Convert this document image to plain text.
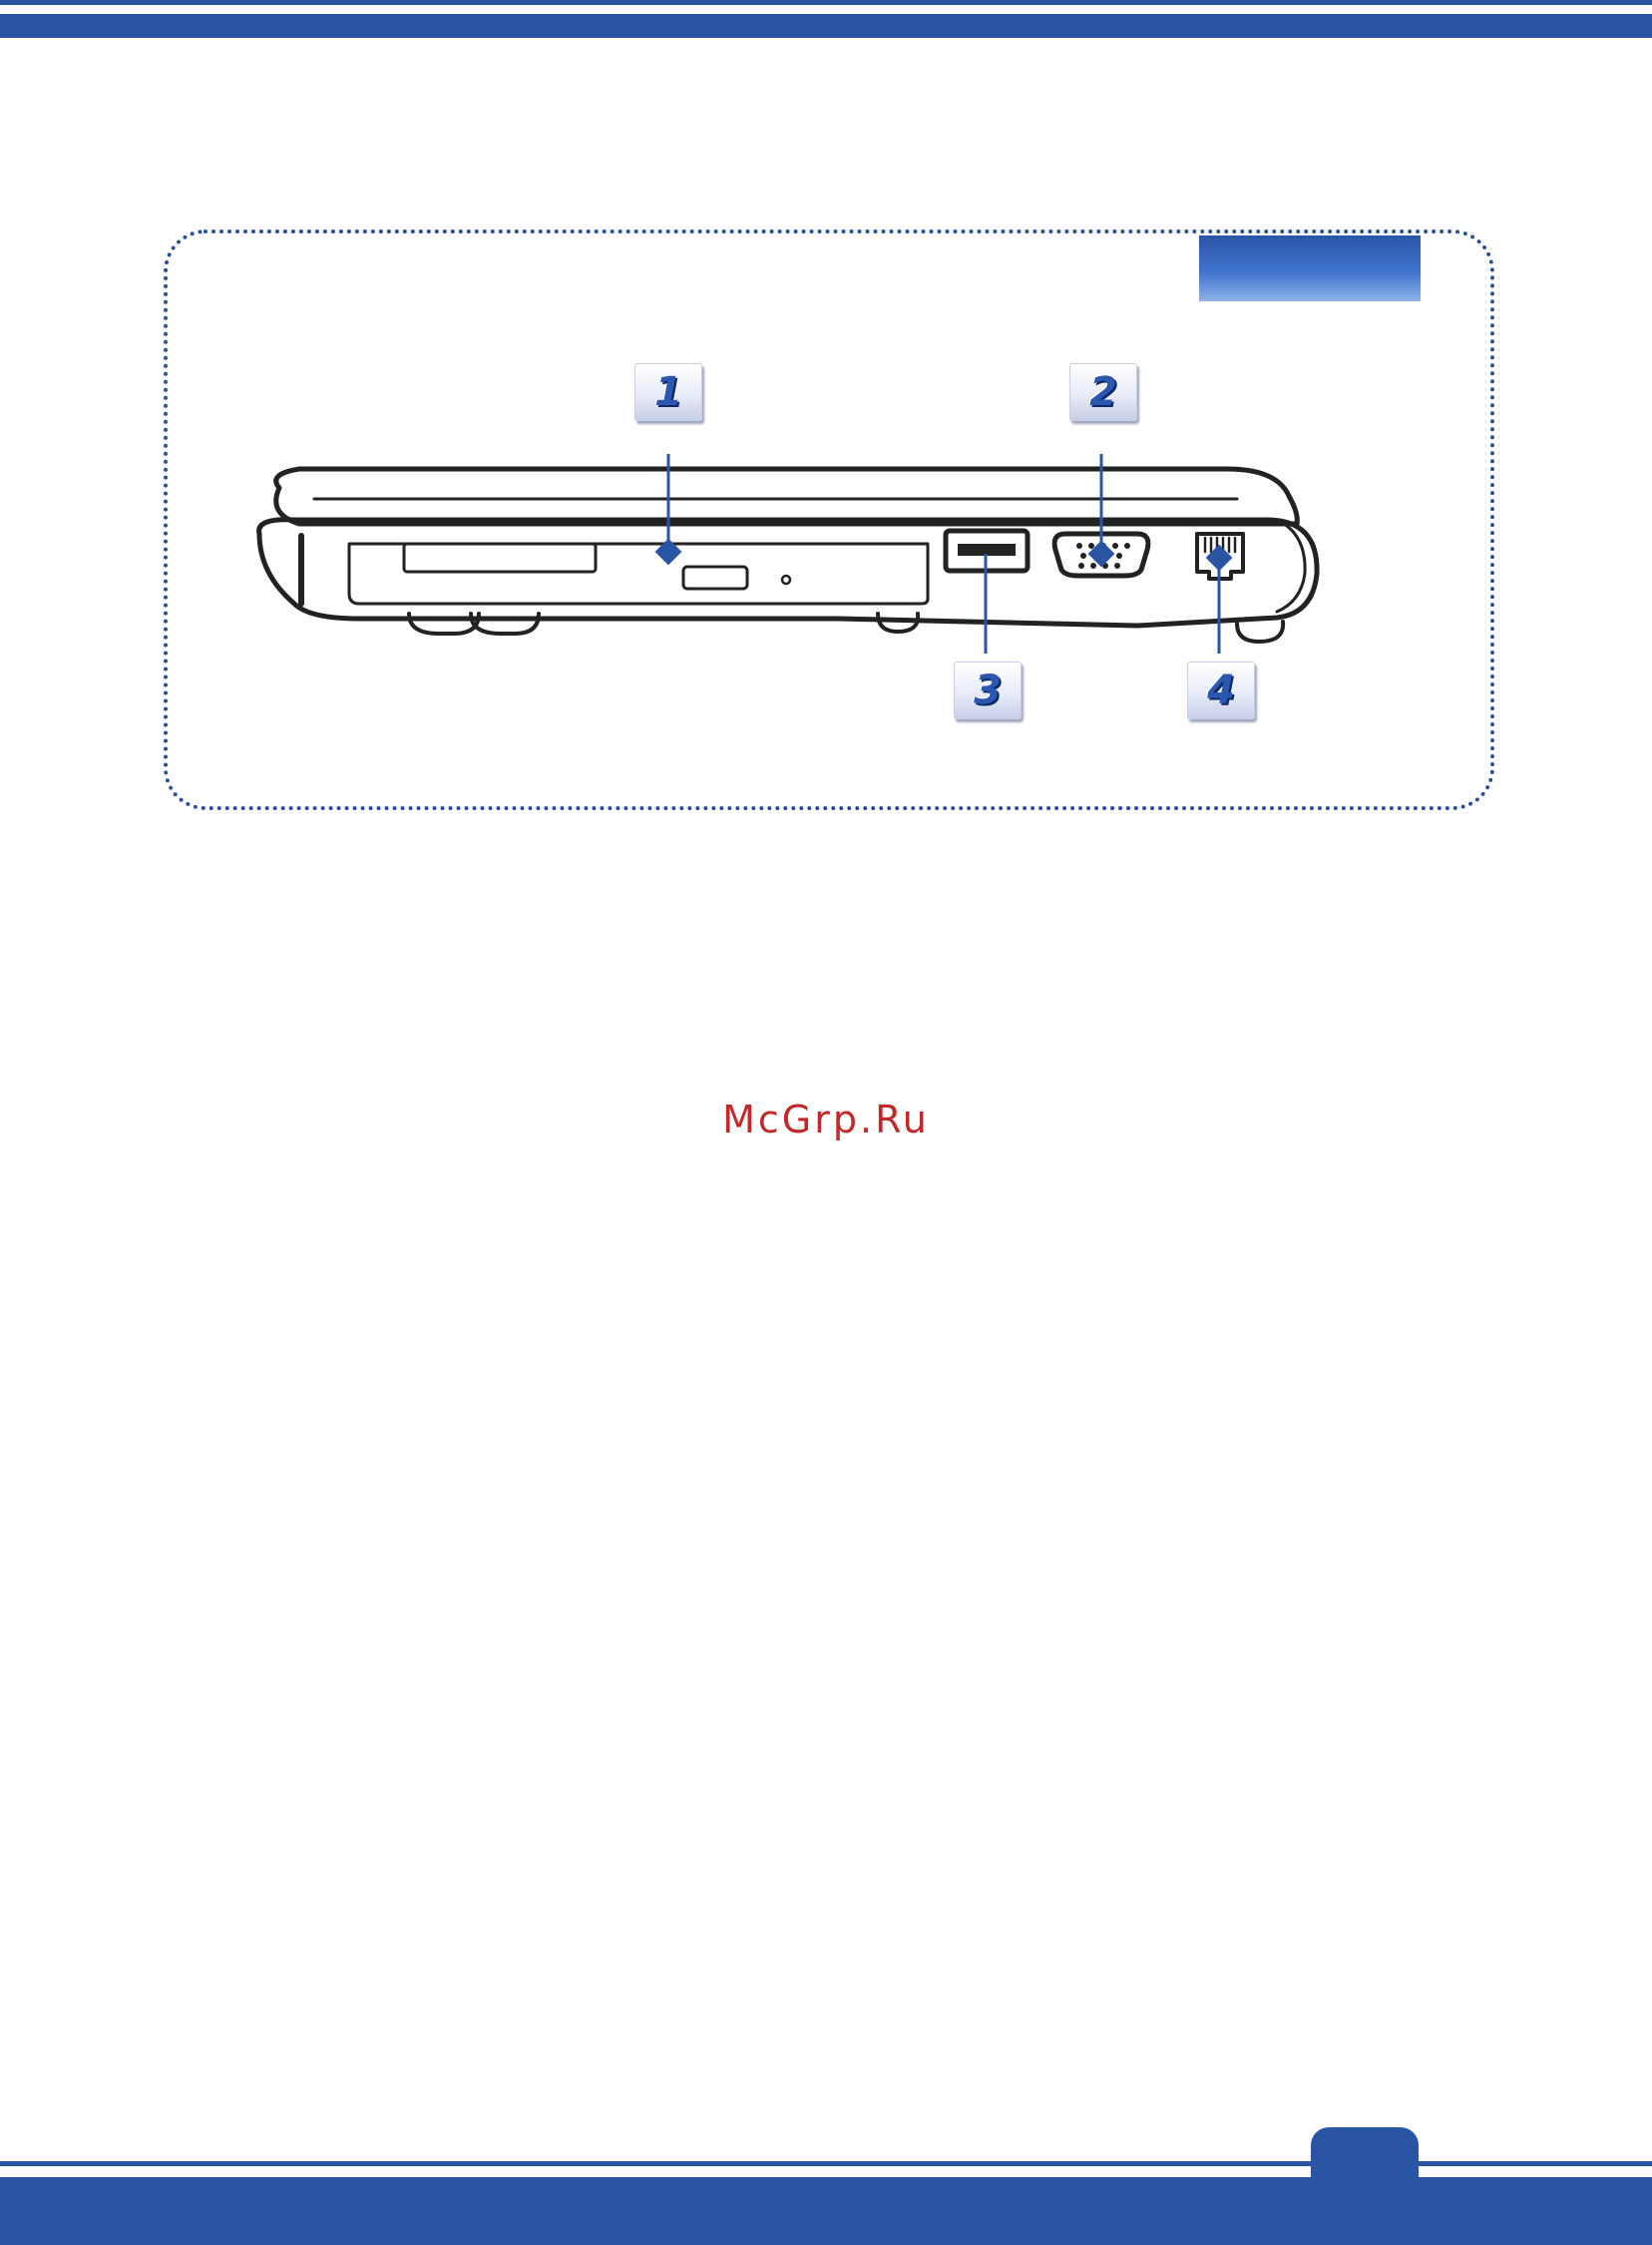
1	2
3	4
McGrp.Ru
